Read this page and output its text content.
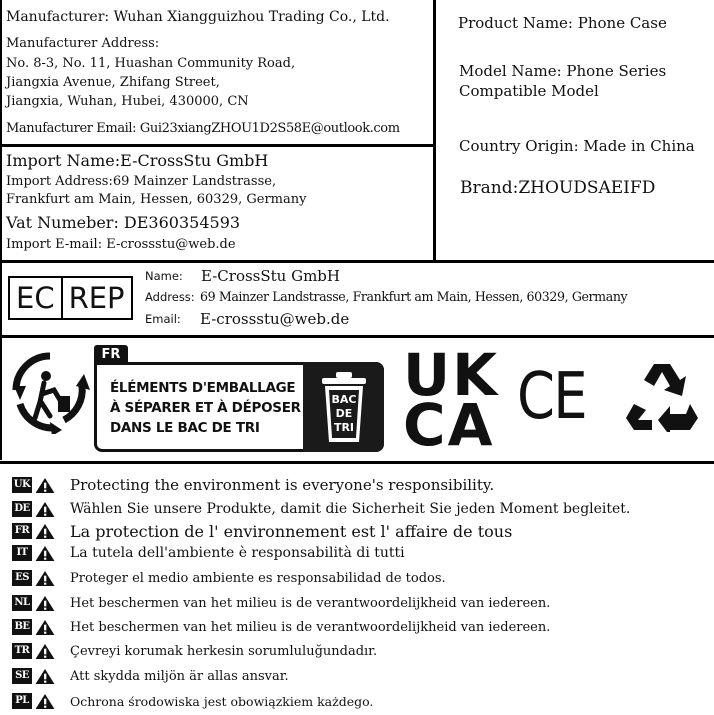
Manufacturer: Wuhan Xiangguizhou Trading Co., Ltd.
Manufacturer Address:
No. 8-3, No. 11, Huashan Community Road,
Jiangxia Avenue, Zhifang Street,
Jiangxia, Wuhan, Hubei, 430000, CN
Manufacturer Email: Gui23xiangZHOU1D2S58E@outlook.com
Import Name:E-CrossStu GmbH
Import Address:69 Mainzer Landstrasse,
Frankfurt am Main, Hessen, 60329, Germany
Vat Numeber: DE360354593
Import E-mail: E-crossstu@web.de
Product Name: Phone Case
Model Name: Phone Series
Compatible Model
Country Origin: Made in China
Brand:ZHOUDSAEIFD
EC REP
Name: E-CrossStu GmbH
Address: 69 Mainzer Landstrasse, Frankfurt am Main, Hessen, 60329, Germany
Email: E-crossstu@web.de
FR
ÉLÉMENTS D'EMBALLAGE
À SÉPARER ET À DÉPOSER
DANS LE BAC DE TRI
BAC
DE
TRI
UK
CA CE
UK	Protecting the environment is everyone's responsibility.
DE	Wählen Sie unsere Produkte, damit die Sicherheit Sie jeden Moment begleitet.
FR	La protection de l' environnement est l' affaire de tous
IT	La tutela dell'ambiente è responsabilità di tutti
ES	Proteger el medio ambiente es responsabilidad de todos.
NL	Het beschermen van het milieu is de verantwoordelijkheid van iedereen.
BE	Het beschermen van het milieu is de verantwoordelijkheid van iedereen.
TR	Çevreyi korumak herkesin sorumluluğundadır.
SE	Att skydda miljön är allas ansvar.
PL	Ochrona środowiska jest obowiązkiem każdego.
